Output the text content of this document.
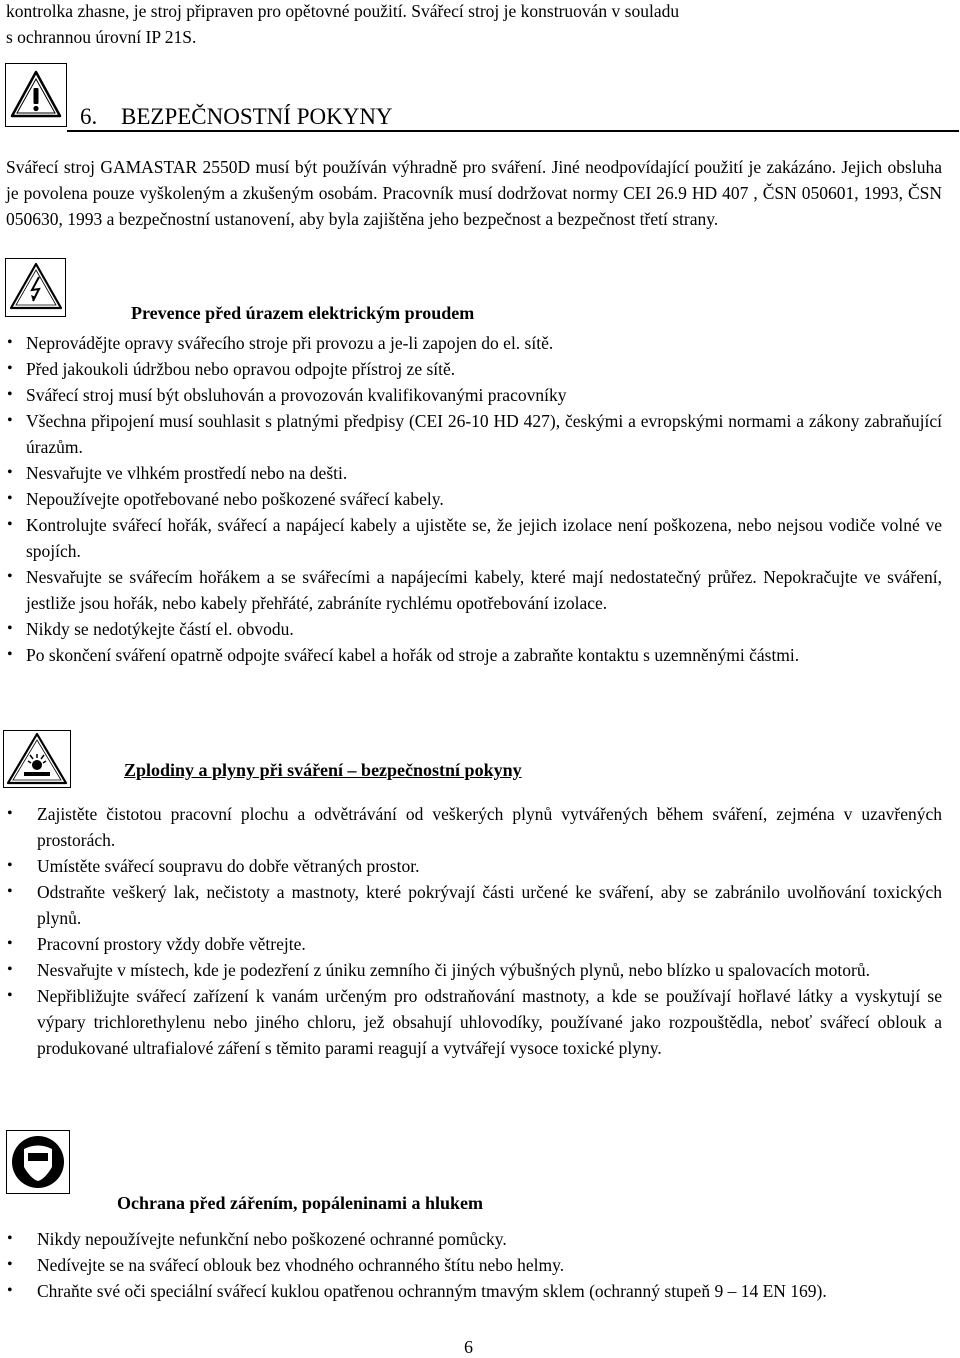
kontrolka zhasne, je stroj připraven pro opětovné použití. Svářecí stroj je konstruován v souladu
s ochrannou úrovní IP 21S.
6. BEZPEČNOSTNÍ POKYNY
Svářecí stroj GAMASTAR 2550D musí být používán výhradně pro sváření. Jiné neodpovídající použití je zakázáno. Jejich obsluha je povolena pouze vyškoleným a zkušeným osobám. Pracovník musí dodržovat normy CEI 26.9 HD 407 , ČSN 050601, 1993, ČSN 050630, 1993 a bezpečnostní ustanovení, aby byla zajištěna jeho bezpečnost a bezpečnost třetí strany.
Prevence před úrazem elektrickým proudem
• Neprovádějte opravy svářecího stroje při provozu a je-li zapojen do el. sítě.
• Před jakoukoli údržbou nebo opravou odpojte přístroj ze sítě.
• Svářecí stroj musí být obsluhován a provozován kvalifikovanými pracovníky
• Všechna připojení musí souhlasit s platnými předpisy (CEI 26-10 HD 427), českými a evropskými normami a zákony zabraňující úrazům.
• Nesvařujte ve vlhkém prostředí nebo na dešti.
• Nepoužívejte opotřebované nebo poškozené svářecí kabely.
• Kontrolujte svářecí hořák, svářecí a napájecí kabely a ujistěte se, že jejich izolace není poškozena, nebo nejsou vodiče volné ve spojích.
• Nesvařujte se svářecím hořákem a se svářecími a napájecími kabely, které mají nedostatečný průřez. Nepokračujte ve sváření, jestliže jsou hořák, nebo kabely přehřáté, zabráníte rychlému opotřebování izolace.
• Nikdy se nedotýkejte částí el. obvodu.
• Po skončení sváření opatrně odpojte svářecí kabel a hořák od stroje a zabraňte kontaktu s uzemněnými částmi.
Zplodiny a plyny při sváření – bezpečnostní pokyny
• Zajistěte čistotou pracovní plochu a odvětrávání od veškerých plynů vytvářených během sváření, zejména v uzavřených prostorách.
• Umístěte svářecí soupravu do dobře větraných prostor.
• Odstraňte veškerý lak, nečistoty a mastnoty, které pokrývají části určené ke sváření, aby se zabránilo uvolňování toxických plynů.
• Pracovní prostory vždy dobře větrejte.
• Nesvařujte v místech, kde je podezření z úniku zemního či jiných výbušných plynů, nebo blízko u spalovacích motorů.
• Nepřibližujte svářecí zařízení k vanám určeným pro odstraňování mastnoty, a kde se používají hořlavé látky a vyskytují se výpary trichlorethylenu nebo jiného chloru, jež obsahují uhlovodíky, používané jako rozpouštědla, neboť svářecí oblouk a produkované ultrafialové záření s těmito parami reagují a vytvářejí vysoce toxické plyny.
Ochrana před zářením, popáleninami a hlukem
• Nikdy nepoužívejte nefunkční nebo poškozené ochranné pomůcky.
• Nedívejte se na svářecí oblouk bez vhodného ochranného štítu nebo helmy.
• Chraňte své oči speciální svářecí kuklou opatřenou ochranným tmavým sklem (ochranný stupeň 9 – 14 EN 169).
6
